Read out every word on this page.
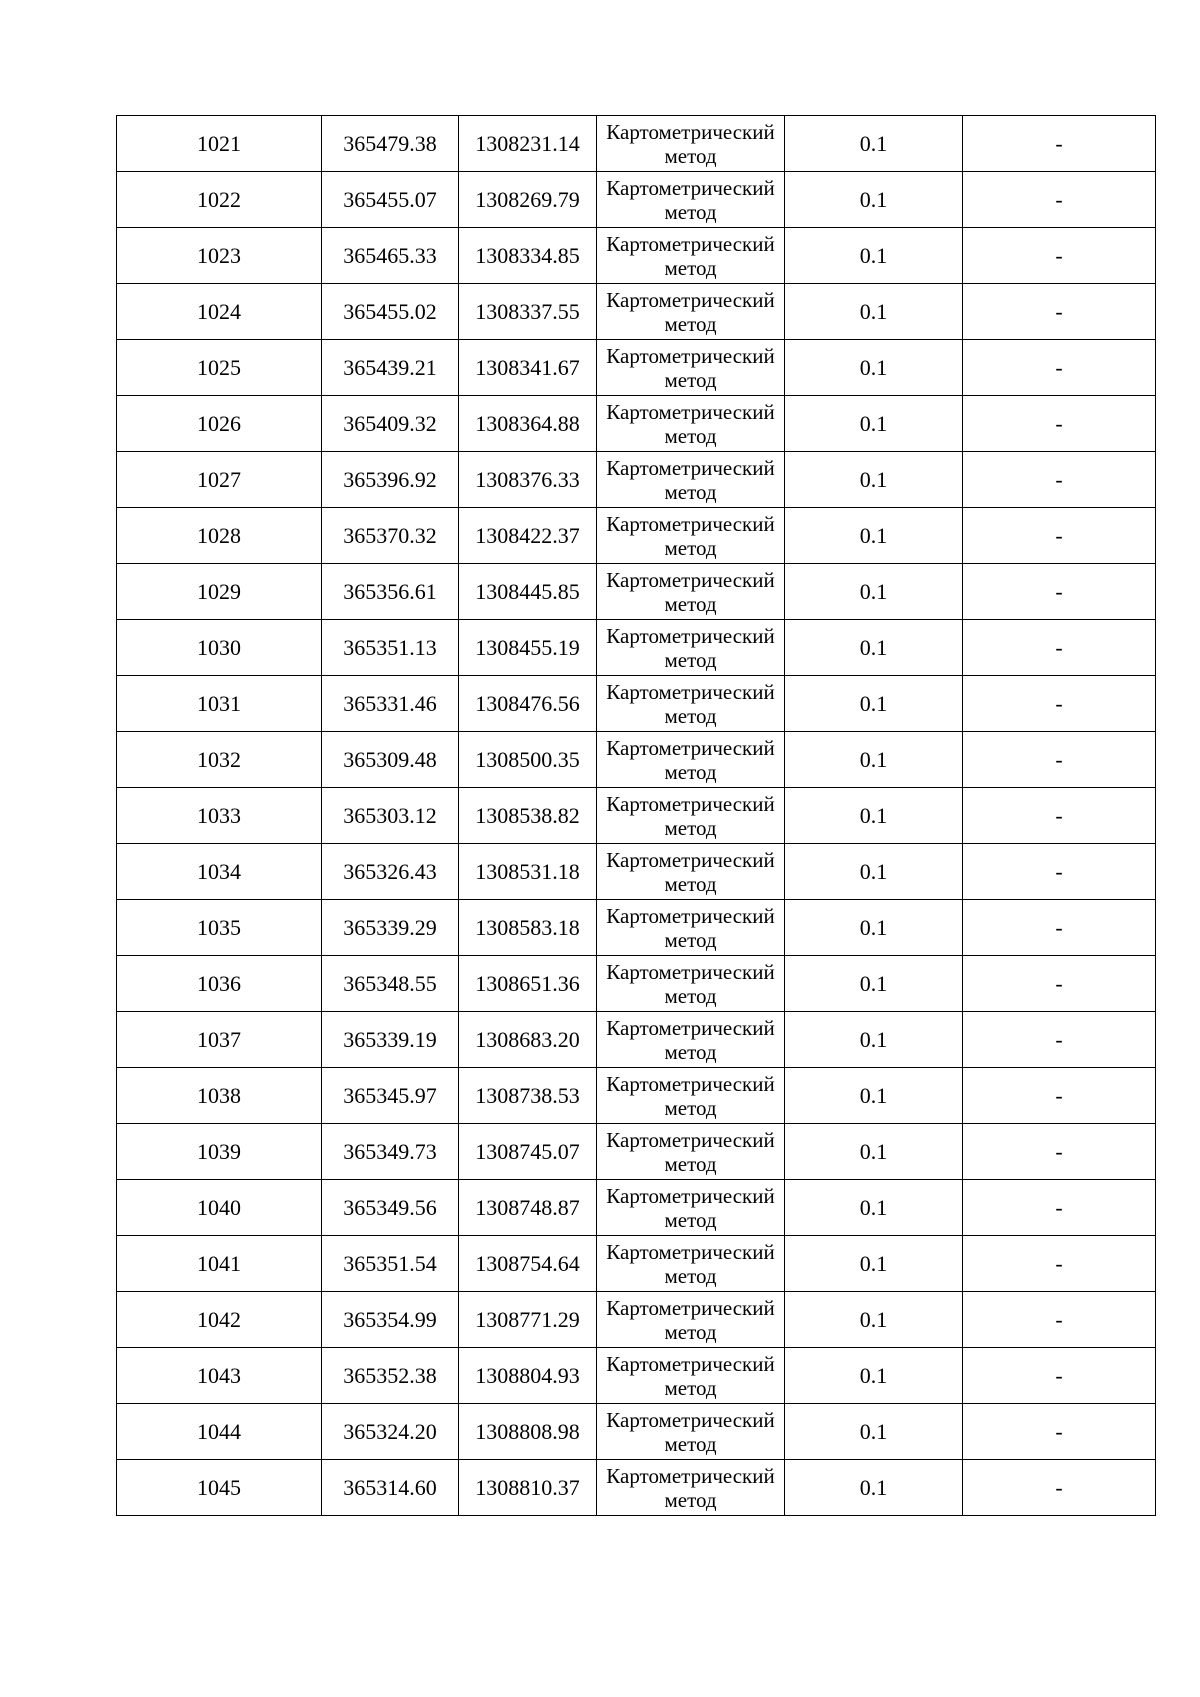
1021	365479.38	1308231.14	Картометрический метод	0.1	-
1022	365455.07	1308269.79	Картометрический метод	0.1	-
1023	365465.33	1308334.85	Картометрический метод	0.1	-
1024	365455.02	1308337.55	Картометрический метод	0.1	-
1025	365439.21	1308341.67	Картометрический метод	0.1	-
1026	365409.32	1308364.88	Картометрический метод	0.1	-
1027	365396.92	1308376.33	Картометрический метод	0.1	-
1028	365370.32	1308422.37	Картометрический метод	0.1	-
1029	365356.61	1308445.85	Картометрический метод	0.1	-
1030	365351.13	1308455.19	Картометрический метод	0.1	-
1031	365331.46	1308476.56	Картометрический метод	0.1	-
1032	365309.48	1308500.35	Картометрический метод	0.1	-
1033	365303.12	1308538.82	Картометрический метод	0.1	-
1034	365326.43	1308531.18	Картометрический метод	0.1	-
1035	365339.29	1308583.18	Картометрический метод	0.1	-
1036	365348.55	1308651.36	Картометрический метод	0.1	-
1037	365339.19	1308683.20	Картометрический метод	0.1	-
1038	365345.97	1308738.53	Картометрический метод	0.1	-
1039	365349.73	1308745.07	Картометрический метод	0.1	-
1040	365349.56	1308748.87	Картометрический метод	0.1	-
1041	365351.54	1308754.64	Картометрический метод	0.1	-
1042	365354.99	1308771.29	Картометрический метод	0.1	-
1043	365352.38	1308804.93	Картометрический метод	0.1	-
1044	365324.20	1308808.98	Картометрический метод	0.1	-
1045	365314.60	1308810.37	Картометрический метод	0.1	-
